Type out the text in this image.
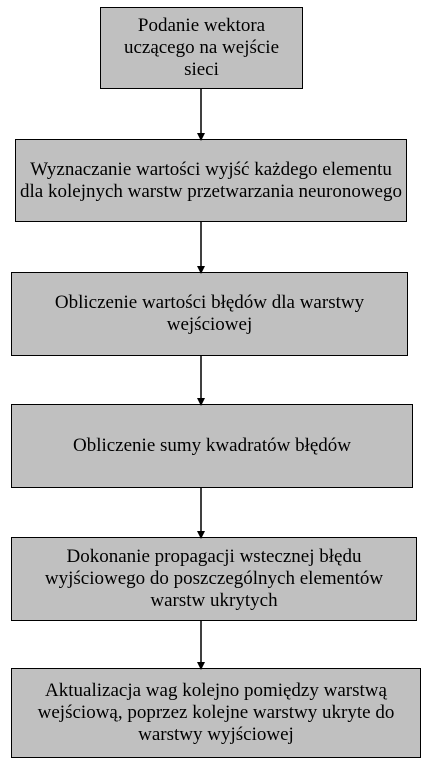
Podanie wektora uczącego na wejście sieci
Wyznaczanie wartości wyjść każdego elementu dla kolejnych warstw przetwarzania neuronowego
Obliczenie wartości błędów dla warstwy wejściowej
Obliczenie sumy kwadratów błędów
Dokonanie propagacji wstecznej błędu wyjściowego do poszczególnych elementów warstw ukrytych
Aktualizacja wag kolejno pomiędzy warstwą wejściową, poprzez kolejne warstwy ukryte do warstwy wyjściowej
